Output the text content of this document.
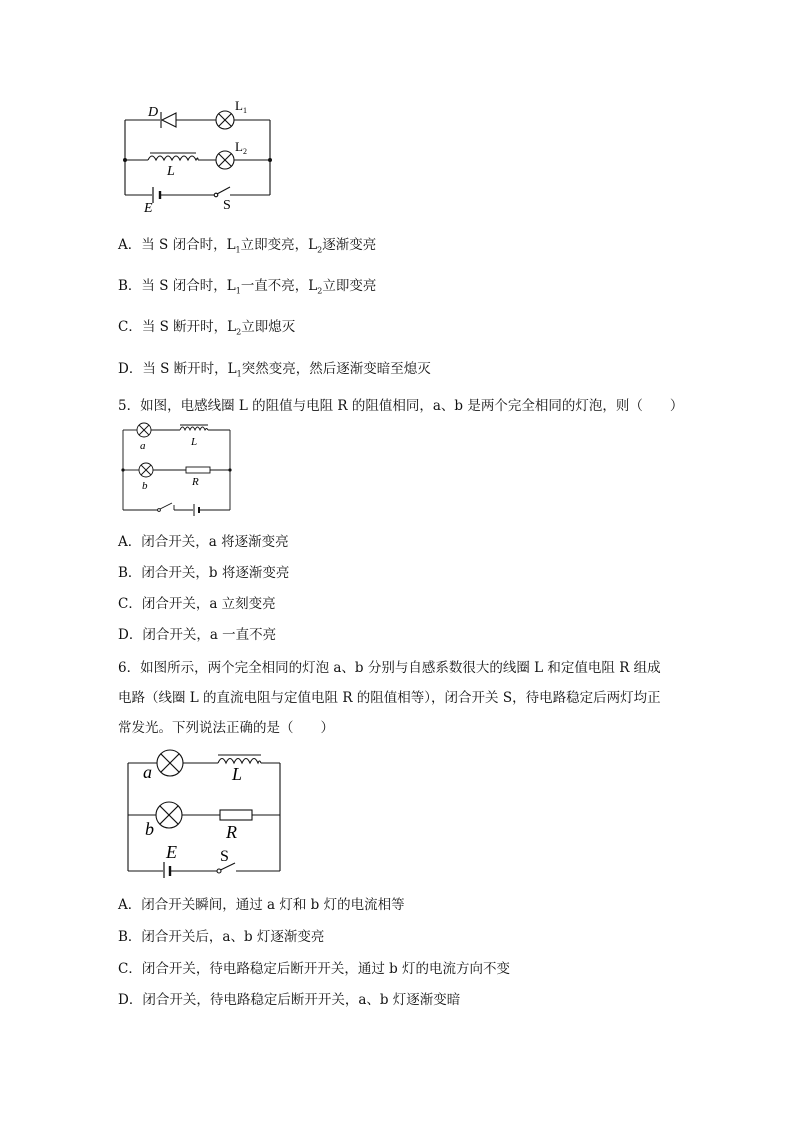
D	$L_1$
$L_2$
L
E	S
A．当 S 闭合时，$L_1$立即变亮，$L_2$逐渐变亮
B．当 S 闭合时，$L_1$一直不亮，$L_2$立即变亮
C．当 S 断开时，$L_2$立即熄灭
D．当 S 断开时，$L_1$突然变亮，然后逐渐变暗至熄灭
5．如图，电感线圈 L 的阻值与电阻 R 的阻值相同，a、b 是两个完全相同的灯泡，则（　　）
a
b
L
R
A．闭合开关，a 将逐渐变亮
B．闭合开关，b 将逐渐变亮
C．闭合开关，a 立刻变亮
D．闭合开关，a 一直不亮
6．如图所示，两个完全相同的灯泡 a、b 分别与自感系数很大的线圈 L 和定值电阻 R 组成
电路（线圈 L 的直流电阻与定值电阻 R 的阻值相等），闭合开关 S，待电路稳定后两灯均正
常发光。下列说法正确的是（　　）
a
b
L
R
E	S
A．闭合开关瞬间，通过 a 灯和 b 灯的电流相等
B．闭合开关后，a、b 灯逐渐变亮
C．闭合开关，待电路稳定后断开开关，通过 b 灯的电流方向不变
D．闭合开关，待电路稳定后断开开关，a、b 灯逐渐变暗
